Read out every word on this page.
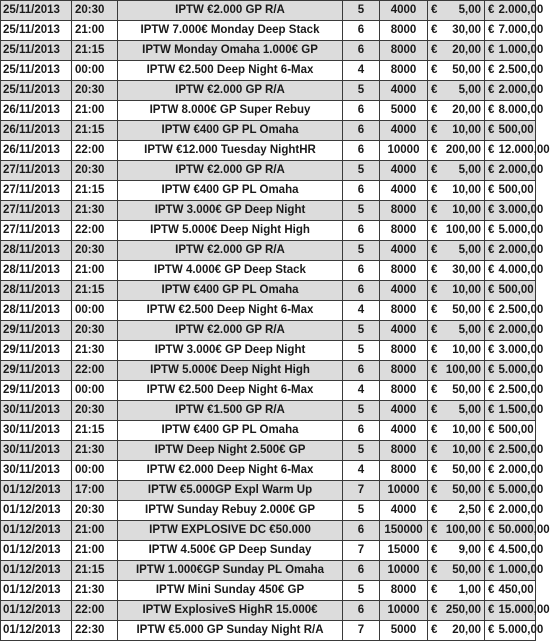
25/11/2013	20:30	IPTW €2.000 GP R/A	5	4000	€	5,00	€	2.000,00
25/11/2013	21:00	IPTW 7.000€ Monday Deep Stack	6	8000	€	30,00	€	7.000,00
25/11/2013	21:15	IPTW Monday Omaha 1.000€ GP	6	8000	€	20,00	€	1.000,00
25/11/2013	00:00	IPTW €2.500 Deep Night 6-Max	4	8000	€	50,00	€	2.500,00
25/11/2013	20:30	IPTW €2.000 GP R/A	5	4000	€	5,00	€	2.000,00
26/11/2013	21:00	IPTW 8.000€ GP Super Rebuy	6	5000	€	20,00	€	8.000,00
26/11/2013	21:15	IPTW €400 GP PL Omaha	6	4000	€	10,00	€	500,00
26/11/2013	22:00	IPTW €12.000 Tuesday NightHR	6	10000	€	200,00	€	12.000,00
27/11/2013	20:30	IPTW €2.000 GP R/A	5	4000	€	5,00	€	2.000,00
27/11/2013	21:15	IPTW €400 GP PL Omaha	6	4000	€	10,00	€	500,00
27/11/2013	21:30	IPTW 3.000€ GP Deep Night	5	8000	€	10,00	€	3.000,00
27/11/2013	22:00	IPTW 5.000€ Deep Night High	6	8000	€	100,00	€	5.000,00
28/11/2013	20:30	IPTW €2.000 GP R/A	5	4000	€	5,00	€	2.000,00
28/11/2013	21:00	IPTW 4.000€ GP Deep Stack	6	8000	€	30,00	€	4.000,00
28/11/2013	21:15	IPTW €400 GP PL Omaha	6	4000	€	10,00	€	500,00
28/11/2013	00:00	IPTW €2.500 Deep Night 6-Max	4	8000	€	50,00	€	2.500,00
29/11/2013	20:30	IPTW €2.000 GP R/A	5	4000	€	5,00	€	2.000,00
29/11/2013	21:30	IPTW 3.000€ GP Deep Night	5	8000	€	10,00	€	3.000,00
29/11/2013	22:00	IPTW 5.000€ Deep Night High	6	8000	€	100,00	€	5.000,00
29/11/2013	00:00	IPTW €2.500 Deep Night 6-Max	4	8000	€	50,00	€	2.500,00
30/11/2013	20:30	IPTW €1.500 GP R/A	5	4000	€	5,00	€	1.500,00
30/11/2013	21:15	IPTW €400 GP PL Omaha	6	4000	€	10,00	€	500,00
30/11/2013	21:30	IPTW Deep Night 2.500€ GP	5	8000	€	10,00	€	2.500,00
30/11/2013	00:00	IPTW €2.000 Deep Night 6-Max	4	8000	€	50,00	€	2.000,00
01/12/2013	17:00	IPTW €5.000GP Expl Warm Up	7	10000	€	50,00	€	5.000,00
01/12/2013	20:30	IPTW Sunday Rebuy 2.000€ GP	5	4000	€	2,50	€	2.000,00
01/12/2013	21:00	IPTW EXPLOSIVE DC €50.000	6	150000	€	100,00	€	50.000,00
01/12/2013	21:00	IPTW 4.500€ GP Deep Sunday	7	15000	€	9,00	€	4.500,00
01/12/2013	21:15	IPTW 1.000€GP Sunday PL Omaha	6	10000	€	50,00	€	1.000,00
01/12/2013	21:30	IPTW Mini Sunday 450€ GP	5	8000	€	1,00	€	450,00
01/12/2013	22:00	IPTW ExplosiveS HighR 15.000€	6	10000	€	250,00	€	15.000,00
01/12/2013	22:30	IPTW €5.000 GP Sunday Night R/A	7	5000	€	20,00	€	5.000,00
